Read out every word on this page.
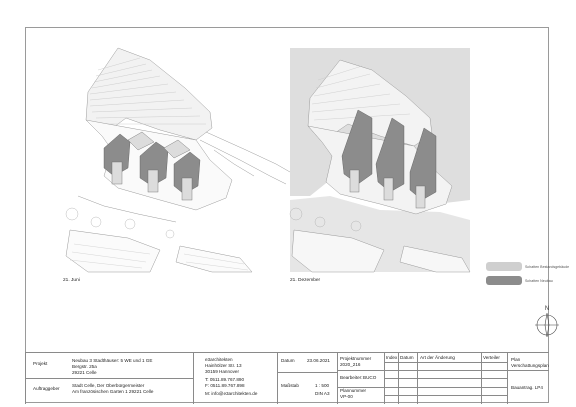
21. Juni	21. Dezember
Schatten Bestandsgebäude
Schatten Neubau
N
Projekt
Neubau 3 Stadthäuser: 5 WE und 1 GE
Bergstr. 25a
29221 Celle
Auftraggeber
Stadt Celle, Der Oberbürgermeister
Am französischen Garten 1 29221 Celle
e3architekten
Hainhölzer Str. 13
30159 Hannover
T: 0511.89.767.890
F: 0511.89.767.898
M: info@e3architekten.de
Datum	23.06.2021
Maßstab	1 : 500
DIN A3
Projektnummer
2020_216
Bearbeiter: BUCO
Plannummer
VP-00
Index Datum Art der Änderung	Verteiler Plan
Verschattungsplan
Bauantrag. LP4
